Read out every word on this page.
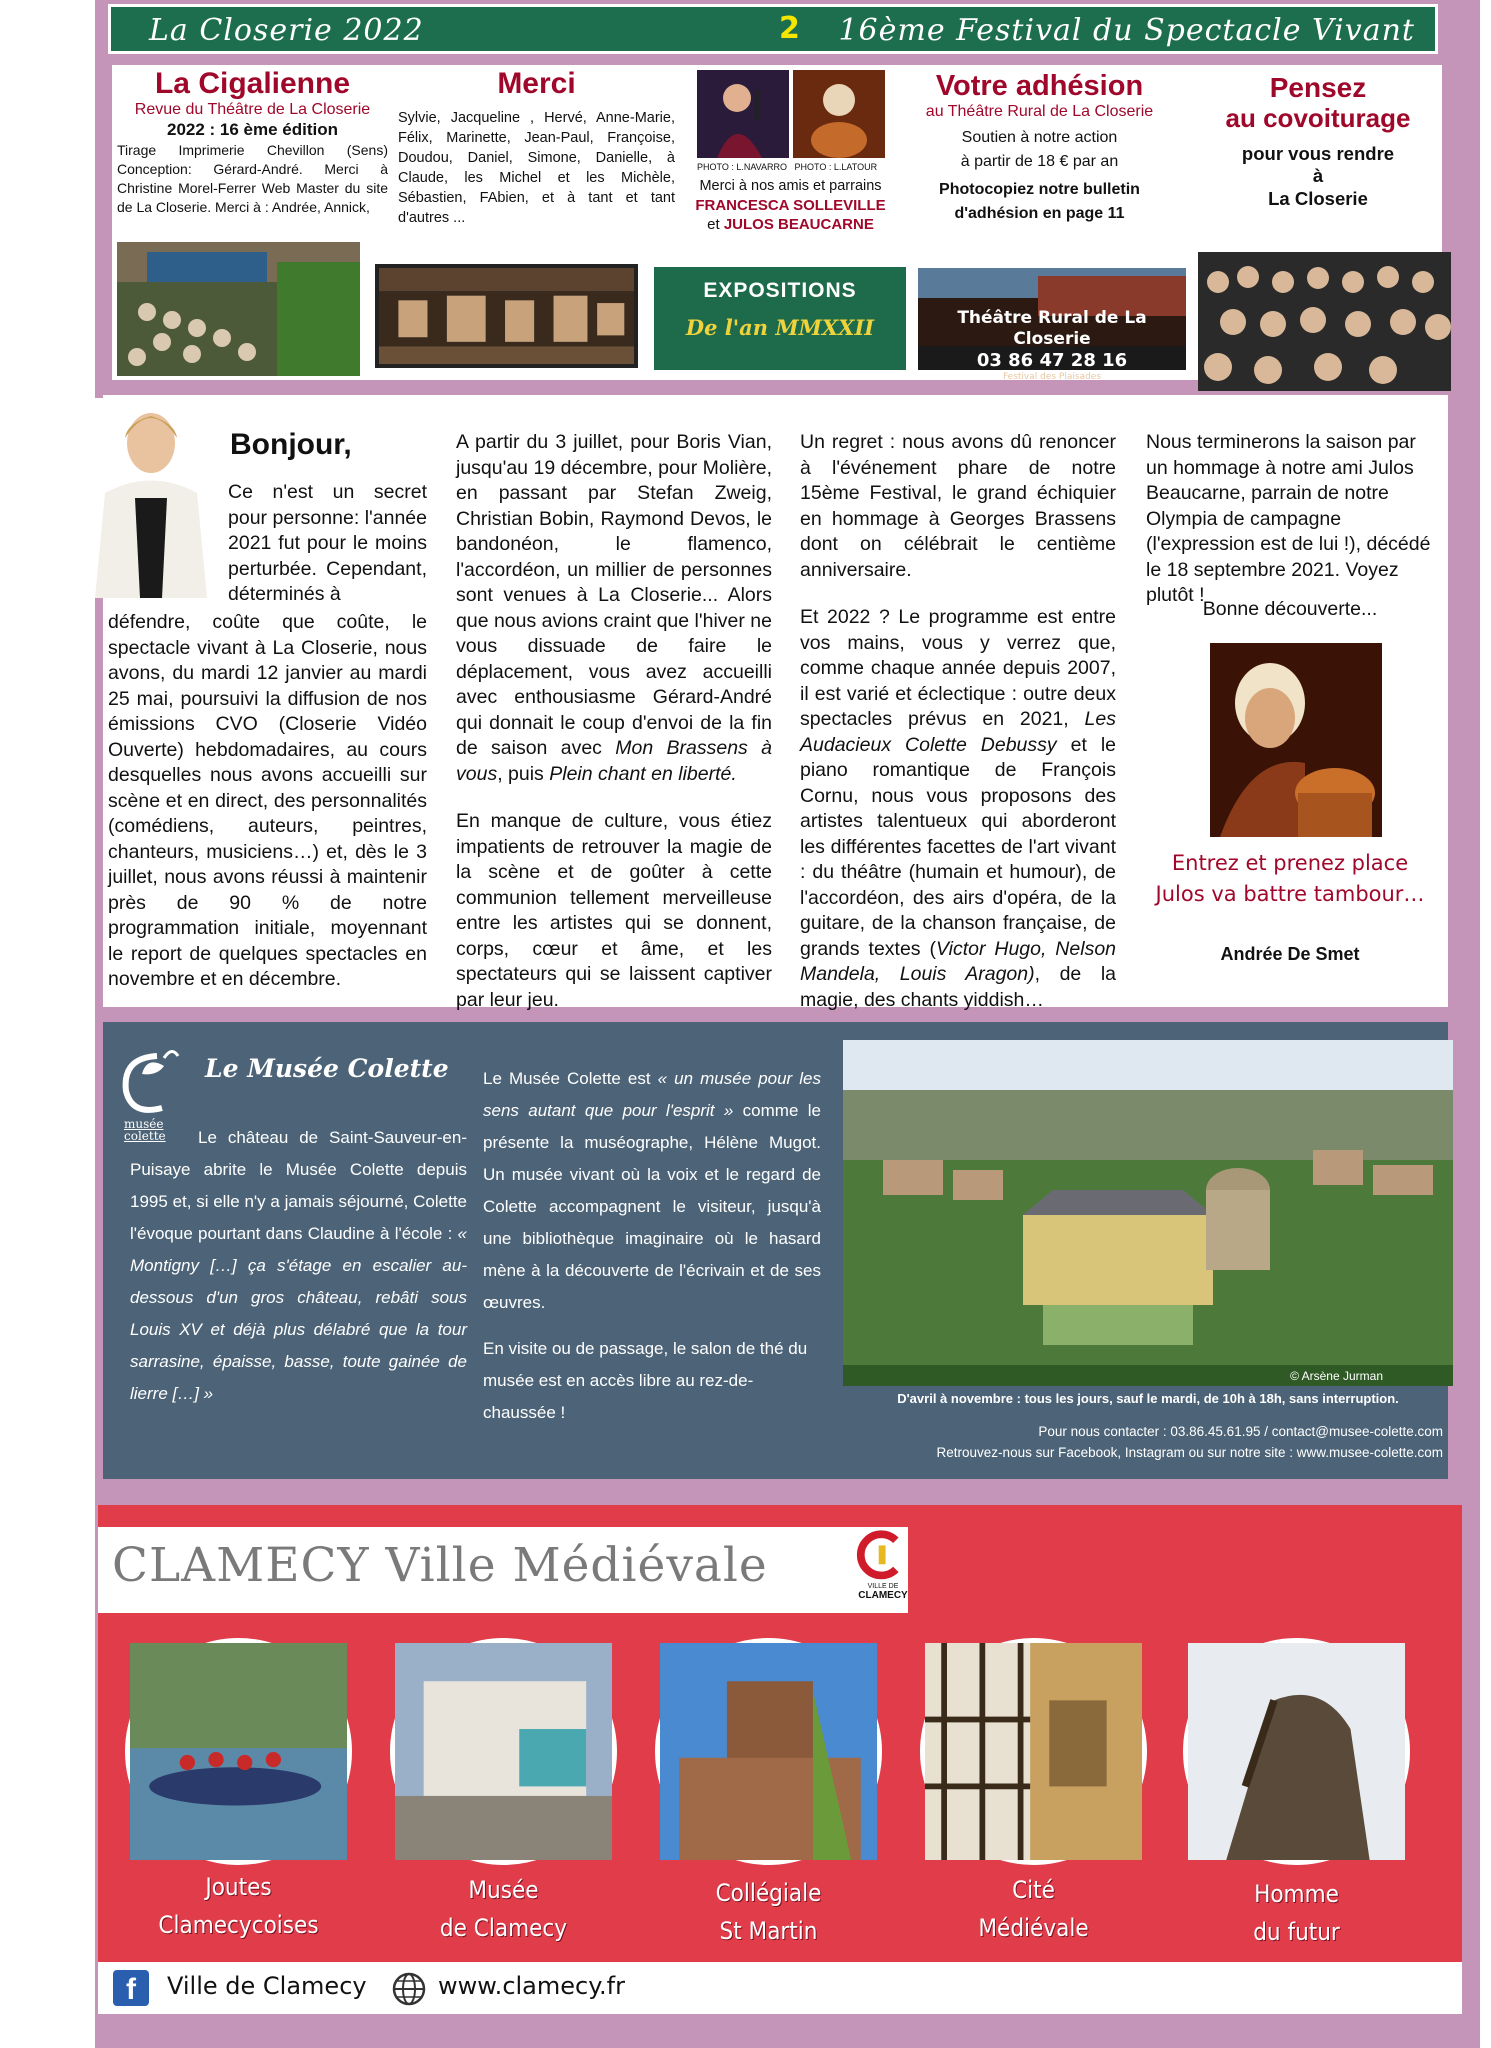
La Closerie 2022	2 16ème Festival du Spectacle Vivant
La Cigalienne
Revue du Théâtre de La Closerie
2022 : 16 ème édition
Tirage Imprimerie Chevillon (Sens) Conception: Gérard-André. Merci à Christine Morel-Ferrer Web Master du site de La Closerie. Merci à : Andrée, Annick,
Merci
Sylvie, Jacqueline , Hervé, Anne-Marie, Félix, Marinette, Jean-Paul, Françoise, Doudou, Daniel, Simone, Danielle, à Claude, les Michel et les Michèle, Sébastien, FAbien, et à tant et tant d'autres ...
PHOTO : L.NAVARRO PHOTO : L.LATOUR
Merci à nos amis et parrains
FRANCESCA SOLLEVILLE
et JULOS BEAUCARNE
EXPOSITIONS
De l'an MMXXII
Votre adhésion
au Théâtre Rural de La Closerie
Soutien à notre action
à partir de 18 € par an
Photocopiez notre bulletin
d'adhésion en page 11
Théâtre Rural de La Closerie
03 86 47 28 16
Festival des Plaisades
Pensez
au covoiturage
pour vous rendre
à
La Closerie
Bonjour,

Ce n'est un secret pour personne: l'année 2021 fut pour le moins perturbée. Cependant, déterminés à

défendre, coûte que coûte, le spectacle vivant à La Closerie, nous avons, du mardi 12 janvier au mardi 25 mai, poursuivi la diffusion de nos émissions CVO (Closerie Vidéo Ouverte) hebdomadaires, au cours desquelles nous avons accueilli sur scène et en direct, des personnalités (comédiens, auteurs, peintres, chanteurs, musiciens…) et, dès le 3 juillet, nous avons réussi à maintenir près de 90 % de notre programmation initiale, moyennant le report de quelques spectacles en novembre et en décembre.

A partir du 3 juillet, pour Boris Vian, jusqu'au 19 décembre, pour Molière, en passant par Stefan Zweig, Christian Bobin, Raymond Devos, le bandonéon, le flamenco, l'accordéon, un millier de personnes sont venues à La Closerie... Alors que nous avions craint que l'hiver ne vous dissuade de faire le déplacement, vous avez accueilli avec enthousiasme Gérard-André qui donnait le coup d'envoi de la fin de saison avec Mon Brassens à vous, puis Plein chant en liberté.

En manque de culture, vous étiez impatients de retrouver la magie de la scène et de goûter à cette communion tellement merveilleuse entre les artistes qui se donnent, corps, cœur et âme, et les spectateurs qui se laissent captiver par leur jeu.

Un regret : nous avons dû renoncer à l'événement phare de notre 15ème Festival, le grand échiquier en hommage à Georges Brassens dont on célébrait le centième anniversaire.

Et 2022 ? Le programme est entre vos mains, vous y verrez que, comme chaque année depuis 2007, il est varié et éclectique : outre deux spectacles prévus en 2021, Les Audacieux Colette Debussy et le piano romantique de François Cornu, nous vous proposons des artistes talentueux qui aborderont les différentes facettes de l'art vivant : du théâtre (humain et humour), de l'accordéon, des airs d'opéra, de la guitare, de la chanson française, de grands textes (Victor Hugo, Nelson Mandela, Louis Aragon), de la magie, des chants yiddish…

Nous terminerons la saison par un hommage à notre ami Julos Beaucarne, parrain de notre Olympia de campagne (l'expression est de lui !), décédé le 18 septembre 2021. Voyez plutôt !

Bonne découverte...
Entrez et prenez place
Julos va battre tambour…
Andrée De Smet
musée
colette
Le Musée Colette
Le château de Saint-Sauveur-en-Puisaye abrite le Musée Colette depuis 1995 et, si elle n'y a jamais séjourné, Colette l'évoque pourtant dans Claudine à l'école : « Montigny […] ça s'étage en escalier au-dessous d'un gros château, rebâti sous Louis XV et déjà plus délabré que la tour sarrasine, épaisse, basse, toute gainée de lierre […] »

Le Musée Colette est « un musée pour les sens autant que pour l'esprit » comme le présente la muséographe, Hélène Mugot. Un musée vivant où la voix et le regard de Colette accompagnent le visiteur, jusqu'à une bibliothèque imaginaire où le hasard mène à la découverte de l'écrivain et de ses œuvres.

En visite ou de passage, le salon de thé du musée est en accès libre au rez-de-chaussée !

© Arsène Jurman
D'avril à novembre : tous les jours, sauf le mardi, de 10h à 18h, sans interruption.
Pour nous contacter : 03.86.45.61.95 / contact@musee-colette.com
Retrouvez-nous sur Facebook, Instagram ou sur notre site : www.musee-colette.com
CLAMECY Ville Médiévale	VILLE DE
CLAMECY
Joutes
Clamecycoises
Musée
de Clamecy
Collégiale
St Martin
Cité
Médiévale
Homme
du futur
f	Ville de Clamecy	www.clamecy.fr
